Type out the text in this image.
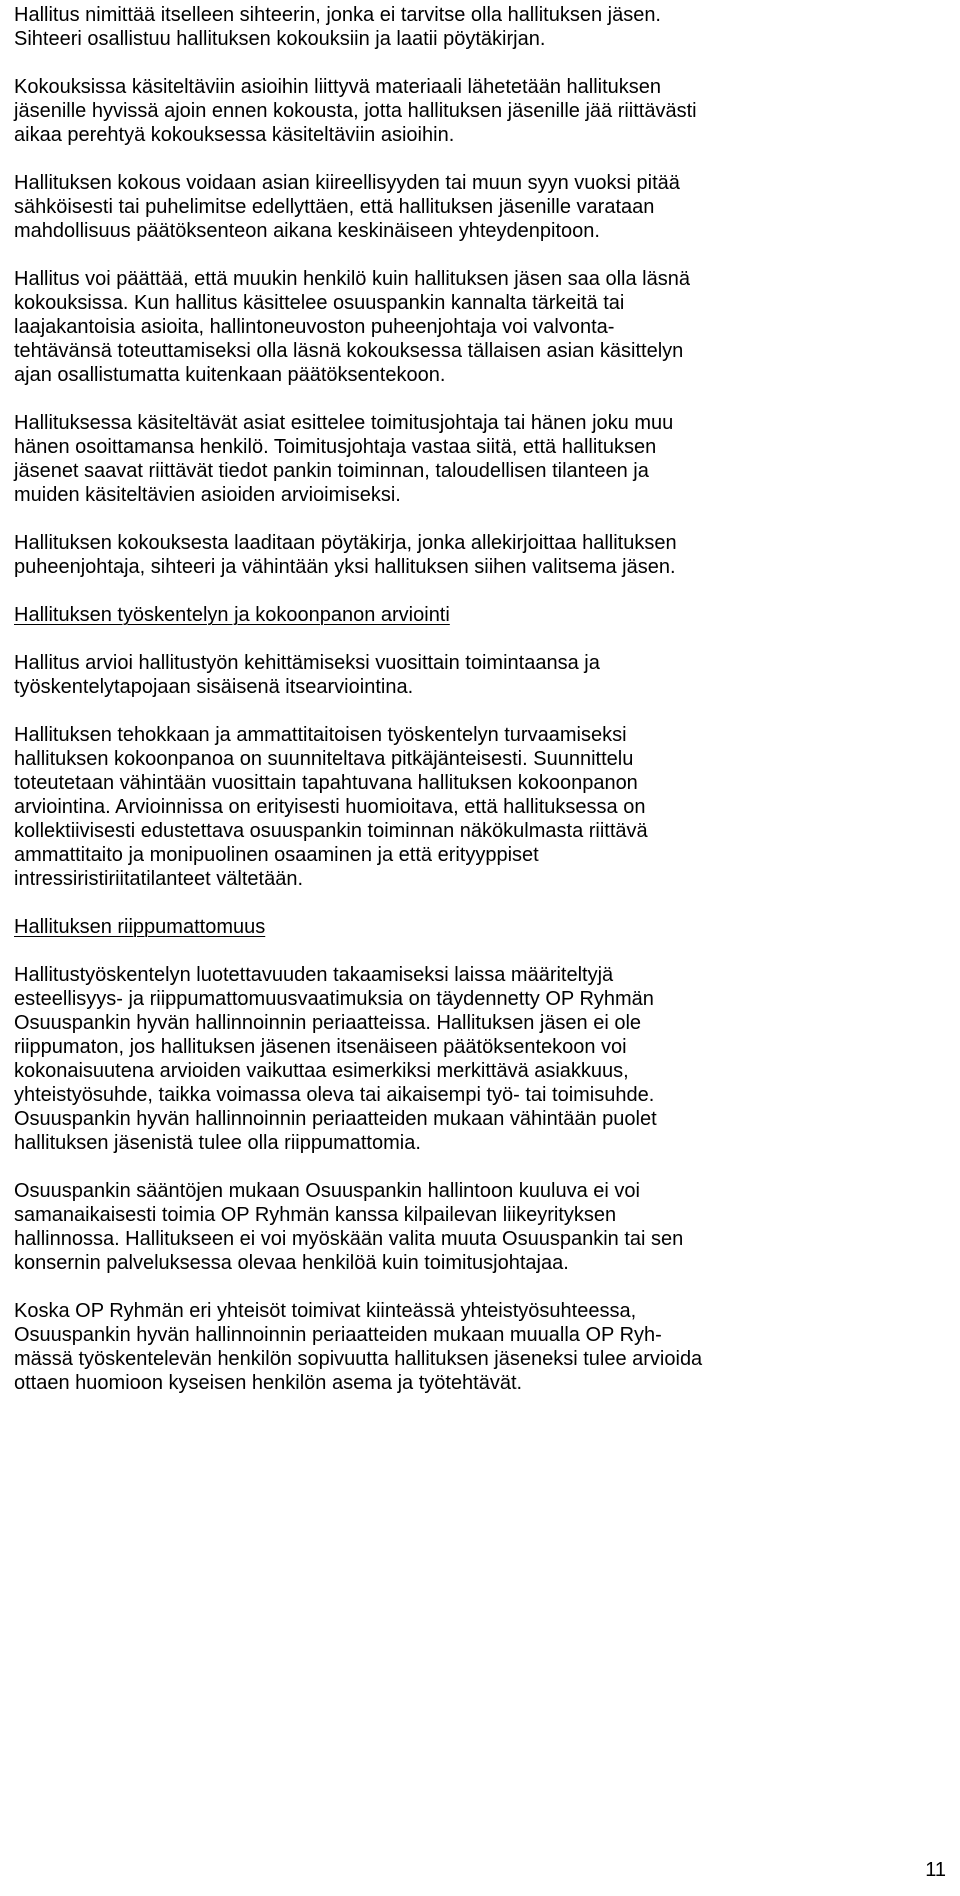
Hallitus nimittää itselleen sihteerin, jonka ei tarvitse olla hallituksen jäsen.
Sihteeri osallistuu hallituksen kokouksiin ja laatii pöytäkirjan.

Kokouksissa käsiteltäviin asioihin liittyvä materiaali lähetetään hallituksen
jäsenille hyvissä ajoin ennen kokousta, jotta hallituksen jäsenille jää riittävästi
aikaa perehtyä kokouksessa käsiteltäviin asioihin.

Hallituksen kokous voidaan asian kiireellisyyden tai muun syyn vuoksi pitää
sähköisesti tai puhelimitse edellyttäen, että hallituksen jäsenille varataan
mahdollisuus päätöksenteon aikana keskinäiseen yhteydenpitoon.

Hallitus voi päättää, että muukin henkilö kuin hallituksen jäsen saa olla läsnä
kokouksissa. Kun hallitus käsittelee osuuspankin kannalta tärkeitä tai
laajakantoisia asioita, hallintoneuvoston puheenjohtaja voi valvonta-
tehtävänsä toteuttamiseksi olla läsnä kokouksessa tällaisen asian käsittelyn
ajan osallistumatta kuitenkaan päätöksentekoon.

Hallituksessa käsiteltävät asiat esittelee toimitusjohtaja tai hänen joku muu
hänen osoittamansa henkilö. Toimitusjohtaja vastaa siitä, että hallituksen
jäsenet saavat riittävät tiedot pankin toiminnan, taloudellisen tilanteen ja
muiden käsiteltävien asioiden arvioimiseksi.

Hallituksen kokouksesta laaditaan pöytäkirja, jonka allekirjoittaa hallituksen
puheenjohtaja, sihteeri ja vähintään yksi hallituksen siihen valitsema jäsen.

Hallituksen työskentelyn ja kokoonpanon arviointi

Hallitus arvioi hallitustyön kehittämiseksi vuosittain toimintaansa ja
työskentelytapojaan sisäisenä itsearviointina.

Hallituksen tehokkaan ja ammattitaitoisen työskentelyn turvaamiseksi
hallituksen kokoonpanoa on suunniteltava pitkäjänteisesti. Suunnittelu
toteutetaan vähintään vuosittain tapahtuvana hallituksen kokoonpanon
arviointina. Arvioinnissa on erityisesti huomioitava, että hallituksessa on
kollektiivisesti edustettava osuuspankin toiminnan näkökulmasta riittävä
ammattitaito ja monipuolinen osaaminen ja että erityyppiset
intressiristiriitatilanteet vältetään.

Hallituksen riippumattomuus

Hallitustyöskentelyn luotettavuuden takaamiseksi laissa määriteltyjä
esteellisyys- ja riippumattomuusvaatimuksia on täydennetty OP Ryhmän
Osuuspankin hyvän hallinnoinnin periaatteissa. Hallituksen jäsen ei ole
riippumaton, jos hallituksen jäsenen itsenäiseen päätöksentekoon voi
kokonaisuutena arvioiden vaikuttaa esimerkiksi merkittävä asiakkuus,
yhteistyösuhde, taikka voimassa oleva tai aikaisempi työ- tai toimisuhde.
Osuuspankin hyvän hallinnoinnin periaatteiden mukaan vähintään puolet
hallituksen jäsenistä tulee olla riippumattomia.

Osuuspankin sääntöjen mukaan Osuuspankin hallintoon kuuluva ei voi
samanaikaisesti toimia OP Ryhmän kanssa kilpailevan liikeyrityksen
hallinnossa. Hallitukseen ei voi myöskään valita muuta Osuuspankin tai sen
konsernin palveluksessa olevaa henkilöä kuin toimitusjohtajaa.

Koska OP Ryhmän eri yhteisöt toimivat kiinteässä yhteistyösuhteessa,
Osuuspankin hyvän hallinnoinnin periaatteiden mukaan muualla OP Ryh-
mässä työskentelevän henkilön sopivuutta hallituksen jäseneksi tulee arvioida
ottaen huomioon kyseisen henkilön asema ja työtehtävät.

11
